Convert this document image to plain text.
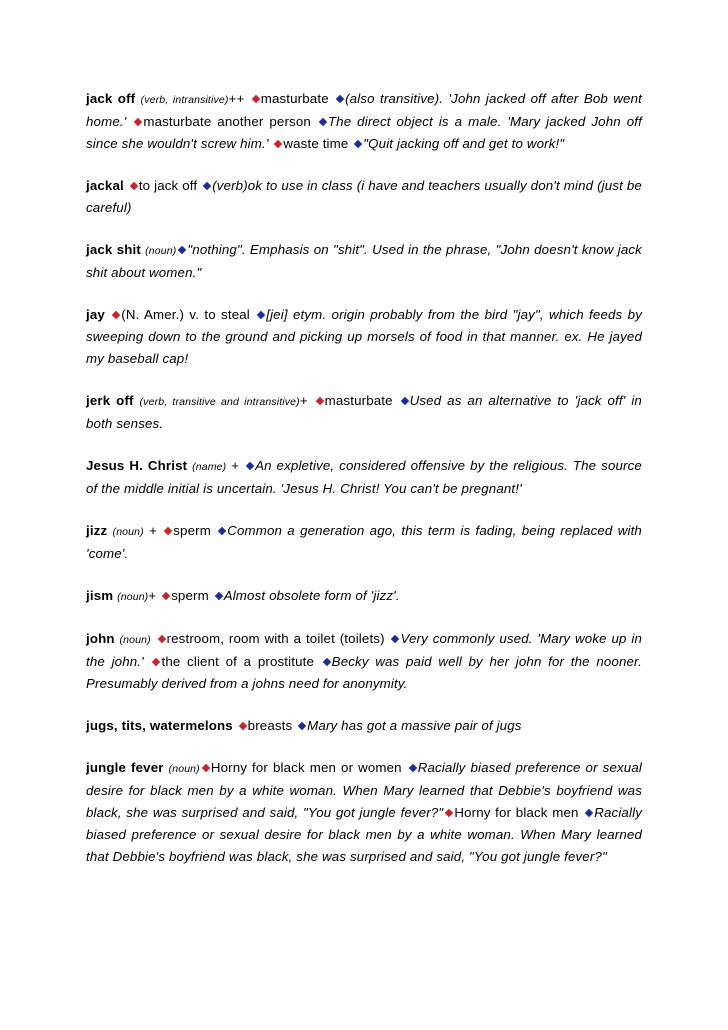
jack off (verb, intransitive)++ masturbate (also transitive). 'John jacked off after Bob went home.' masturbate another person The direct object is a male. 'Mary jacked John off since she wouldn't screw him.' waste time "Quit jacking off and get to work!"

jackal to jack off (verb)ok to use in class (i have and teachers usually don't mind (just be careful)

jack shit (noun) "nothing". Emphasis on "shit". Used in the phrase, "John doesn't know jack shit about women."

jay (N. Amer.) v. to steal [jei] etym. origin probably from the bird "jay", which feeds by sweeping down to the ground and picking up morsels of food in that manner. ex. He jayed my baseball cap!

jerk off (verb, transitive and intransitive)+ masturbate Used as an alternative to 'jack off' in both senses.

Jesus H. Christ (name) + An expletive, considered offensive by the religious. The source of the middle initial is uncertain. 'Jesus H. Christ! You can't be pregnant!'

jizz (noun) + sperm Common a generation ago, this term is fading, being replaced with 'come'.

jism (noun)+ sperm Almost obsolete form of 'jizz'.

john (noun) restroom, room with a toilet (toilets) Very commonly used. 'Mary woke up in the john.' the client of a prostitute Becky was paid well by her john for the nooner. Presumably derived from a johns need for anonymity.

jugs, tits, watermelons breasts Mary has got a massive pair of jugs

jungle fever (noun) Horny for black men or women Racially biased preference or sexual desire for black men by a white woman. When Mary learned that Debbie's boyfriend was black, she was surprised and said, "You got jungle fever?" Horny for black men Racially biased preference or sexual desire for black men by a white woman. When Mary learned that Debbie's boyfriend was black, she was surprised and said, "You got jungle fever?"
